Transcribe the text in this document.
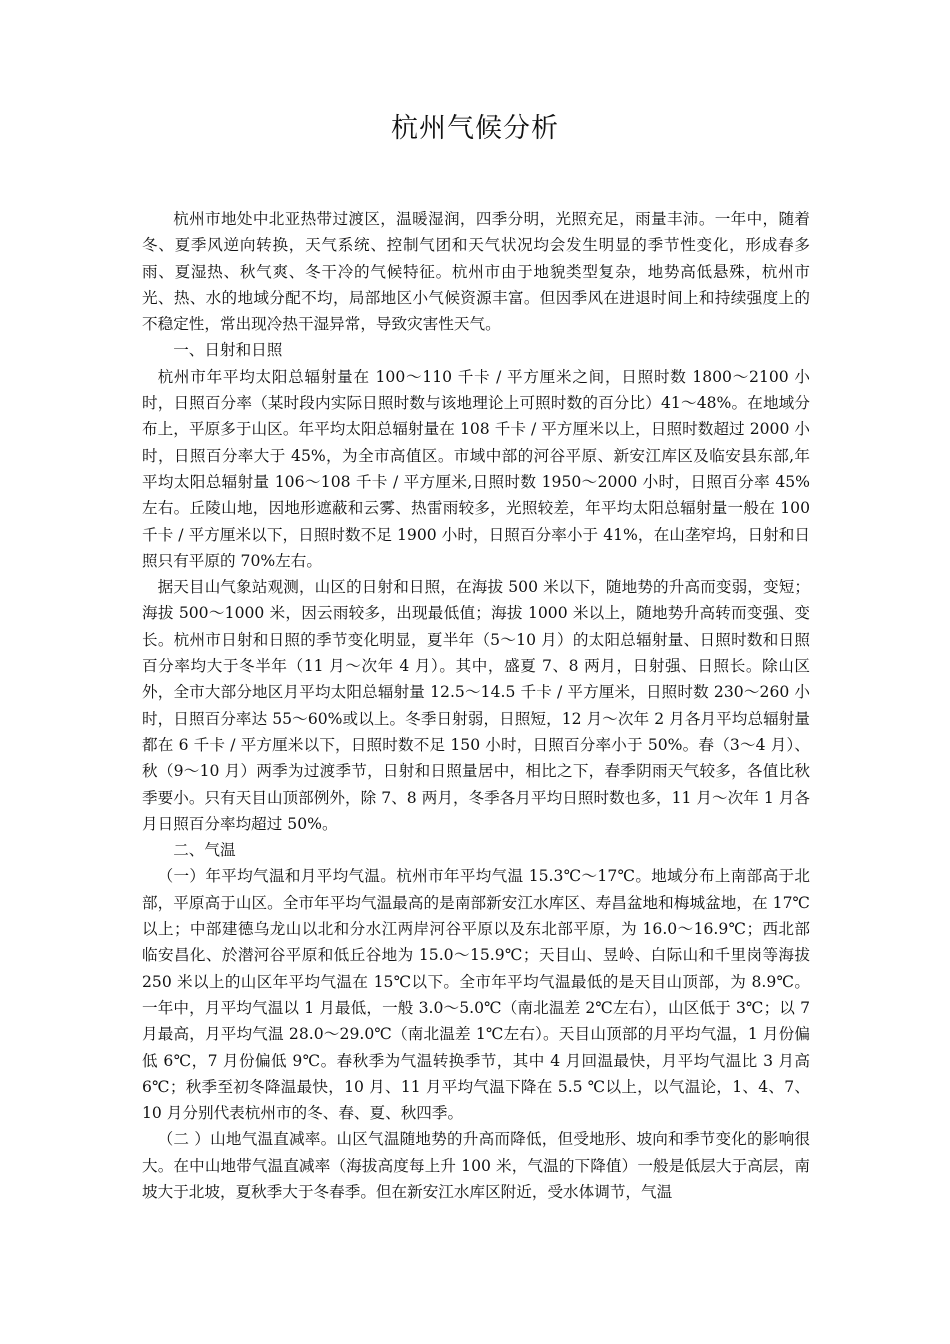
杭州气候分析

杭州市地处中北亚热带过渡区，温暖湿润，四季分明，光照充足，雨量丰沛。一年中，随着冬、夏季风逆向转换，天气系统、控制气团和天气状况均会发生明显的季节性变化，形成春多雨、夏湿热、秋气爽、冬干冷的气候特征。杭州市由于地貌类型复杂，地势高低悬殊，杭州市光、热、水的地域分配不均，局部地区小气候资源丰富。但因季风在进退时间上和持续强度上的不稳定性，常出现冷热干湿异常，导致灾害性天气。

一、日射和日照

杭州市年平均太阳总辐射量在 100～110 千卡 / 平方厘米之间，日照时数 1800～2100 小时，日照百分率（某时段内实际日照时数与该地理论上可照时数的百分比）41～48%。在地域分布上，平原多于山区。年平均太阳总辐射量在 108 千卡 / 平方厘米以上，日照时数超过 2000 小时，日照百分率大于 45%，为全市高值区。市域中部的河谷平原、新安江库区及临安县东部,年平均太阳总辐射量 106～108 千卡 / 平方厘米,日照时数 1950～2000 小时，日照百分率 45%左右。丘陵山地，因地形遮蔽和云雾、热雷雨较多，光照较差，年平均太阳总辐射量一般在 100 千卡 / 平方厘米以下，日照时数不足 1900 小时，日照百分率小于 41%，在山垄窄坞，日射和日照只有平原的 70%左右。

据天目山气象站观测，山区的日射和日照，在海拔 500 米以下，随地势的升高而变弱，变短；海拔 500～1000 米，因云雨较多，出现最低值；海拔 1000 米以上，随地势升高转而变强、变长。杭州市日射和日照的季节变化明显，夏半年（5～10 月）的太阳总辐射量、日照时数和日照百分率均大于冬半年（11 月～次年 4 月）。其中，盛夏 7、8 两月，日射强、日照长。除山区外，全市大部分地区月平均太阳总辐射量 12.5～14.5 千卡 / 平方厘米，日照时数 230～260 小时，日照百分率达 55～60%或以上。冬季日射弱，日照短，12 月～次年 2 月各月平均总辐射量都在 6 千卡 / 平方厘米以下，日照时数不足 150 小时，日照百分率小于 50%。春（3～4 月）、秋（9～10 月）两季为过渡季节，日射和日照量居中，相比之下，春季阴雨天气较多，各值比秋季要小。只有天目山顶部例外，除 7、8 两月，冬季各月平均日照时数也多，11 月～次年 1 月各月日照百分率均超过 50%。

二、气温

（一）年平均气温和月平均气温。杭州市年平均气温 15.3℃～17℃。地域分布上南部高于北部，平原高于山区。全市年平均气温最高的是南部新安江水库区、寿昌盆地和梅城盆地，在 17℃以上；中部建德乌龙山以北和分水江两岸河谷平原以及东北部平原，为 16.0～16.9℃；西北部临安昌化、於潜河谷平原和低丘谷地为 15.0～15.9℃；天目山、昱岭、白际山和千里岗等海拔 250 米以上的山区年平均气温在 15℃以下。全市年平均气温最低的是天目山顶部，为 8.9℃。一年中，月平均气温以 1 月最低，一般 3.0～5.0℃（南北温差 2℃左右），山区低于 3℃；以 7 月最高，月平均气温 28.0～29.0℃（南北温差 1℃左右）。天目山顶部的月平均气温，1 月份偏低 6℃，7 月份偏低 9℃。春秋季为气温转换季节，其中 4 月回温最快，月平均气温比 3 月高 6℃；秋季至初冬降温最快，10 月、11 月平均气温下降在 5.5 ℃以上，以气温论，1、4、7、10 月分别代表杭州市的冬、春、夏、秋四季。

（二 ）山地气温直减率。山区气温随地势的升高而降低，但受地形、坡向和季节变化的影响很大。在中山地带气温直减率（海拔高度每上升 100 米，气温的下降值）一般是低层大于高层，南坡大于北坡，夏秋季大于冬春季。但在新安江水库区附近，受水体调节，气温
